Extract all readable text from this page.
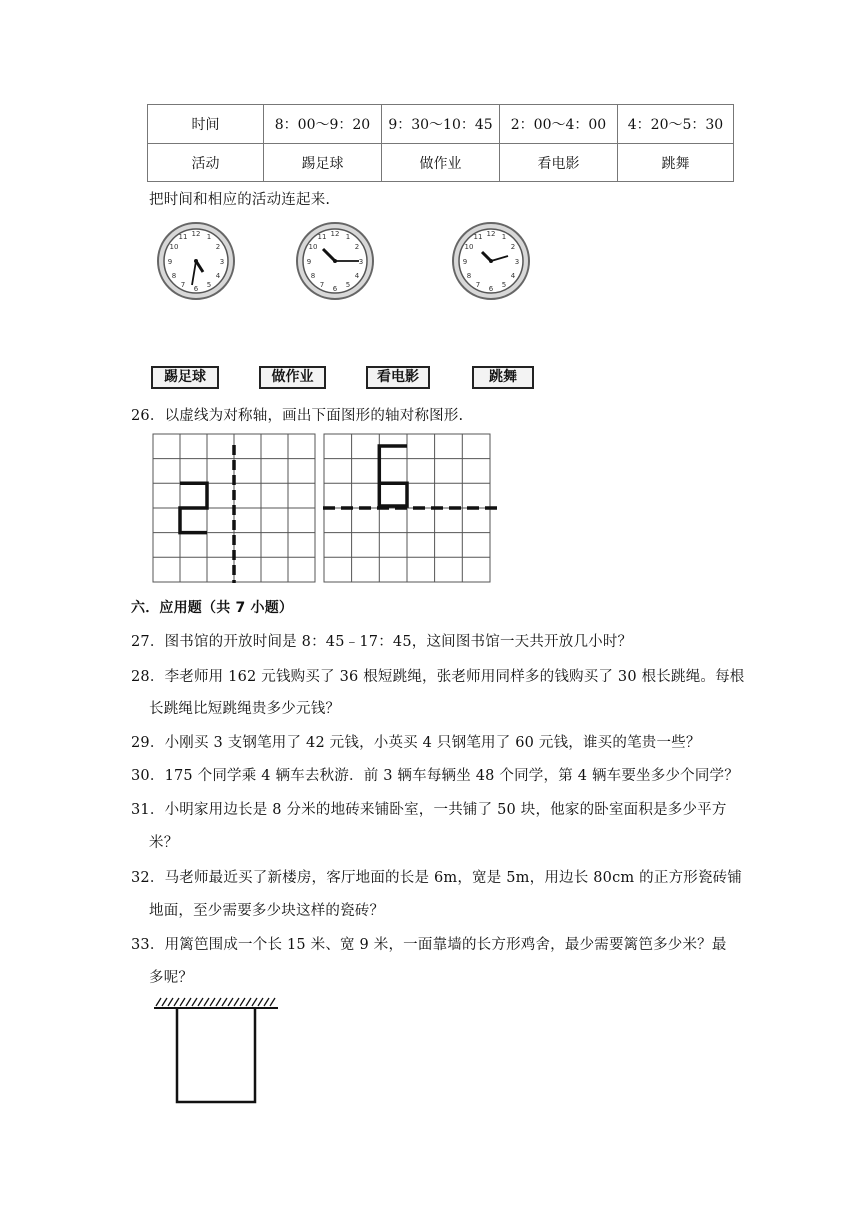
时间	8：00～9：20	9：30～10：45	2：00～4：00	4：20～5：30
活动	踢足球	做作业	看电影	跳舞
把时间和相应的活动连起来.
12
3
6
9
1
2
4
5
7
8
10
11	12
3
6
9
1
2
4
5
7
8
10
11	12
3
6
9
1
2
4
5
7
8
10
11
踢足球	做作业	看电影	跳舞
26．以虚线为对称轴，画出下面图形的轴对称图形.
六．应用题（共 7 小题）
27．图书馆的开放时间是 8：45﹣17：45，这间图书馆一天共开放几小时？
28．李老师用 162 元钱购买了 36 根短跳绳，张老师用同样多的钱购买了 30 根长跳绳。每根
长跳绳比短跳绳贵多少元钱？
29．小刚买 3 支钢笔用了 42 元钱，小英买 4 只钢笔用了 60 元钱，谁买的笔贵一些？
30．175 个同学乘 4 辆车去秋游．前 3 辆车每辆坐 48 个同学，第 4 辆车要坐多少个同学？
31．小明家用边长是 8 分米的地砖来铺卧室，一共铺了 50 块，他家的卧室面积是多少平方
米？
32．马老师最近买了新楼房，客厅地面的长是 6m，宽是 5m，用边长 80cm 的正方形瓷砖铺
地面，至少需要多少块这样的瓷砖？
33．用篱笆围成一个长 15 米、宽 9 米，一面靠墙的长方形鸡舍，最少需要篱笆多少米？最
多呢？
